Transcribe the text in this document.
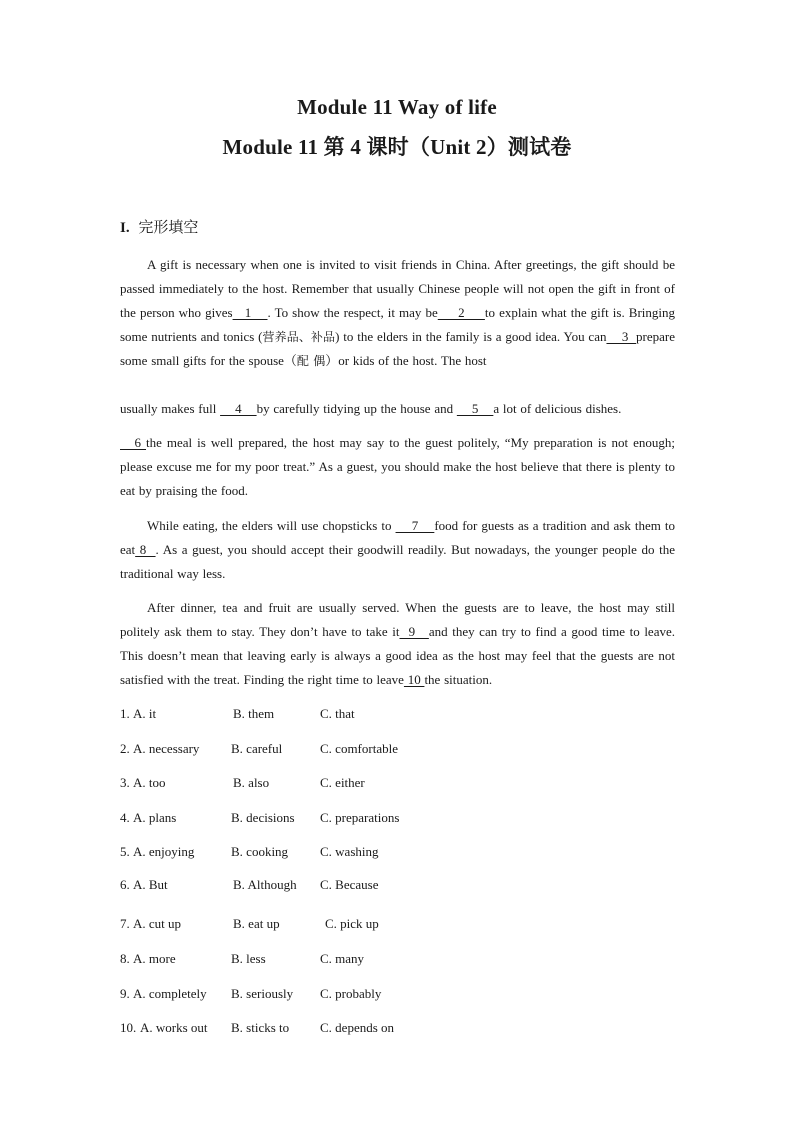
Module 11 Way of life
Module 11 第 4 课时（Unit 2）测试卷
I. 完形填空
A gift is necessary when one is invited to visit friends in China. After greetings, the gift should be passed immediately to the host. Remember that usually Chinese people will not open the gift in front of the person who gives   1    . To show the respect, it may be     2     to explain what the gift is. Bringing some nutrients and tonics (营养品、补品) to the elders in the family is a good idea. You can    3  prepare some small gifts for the spouse（配 偶）or kids of the host. The host
usually makes full     4    by carefully tidying up the house and     5    a lot of delicious dishes.
6 the meal is well prepared, the host may say to the guest politely, “My preparation is not enough; please excuse me for my poor treat.” As a guest, you should make the host believe that there is plenty to eat by praising the food.
While eating, the elders will use chopsticks to     7    food for guests as a tradition and ask them to eat 8  . As a guest, you should accept their goodwill readily. But nowadays, the younger people do the traditional way less.
After dinner, tea and fruit are usually served. When the guests are to leave, the host may still politely ask them to stay. They don’t have to take it  9   and they can try to find a good time to leave. This doesn’t mean that leaving early is always a good idea as the host may feel that the guests are not satisfied with the treat. Finding the right time to leave 10 the situation.
1. A. it	B. them	C. that
2. A. necessary B. careful	C. comfortable
3. A. too	B. also	C. either
4. A. plans	B. decisions C. preparations
5. A. enjoying	B. cooking C. washing
6. A. But	B. Although C. Because
7. A. cut up	B. eat up	C. pick up
8. A. more	B. less	C. many
9. A. completely B. seriously C. probably
10. A. works out B. sticks to C. depends on
